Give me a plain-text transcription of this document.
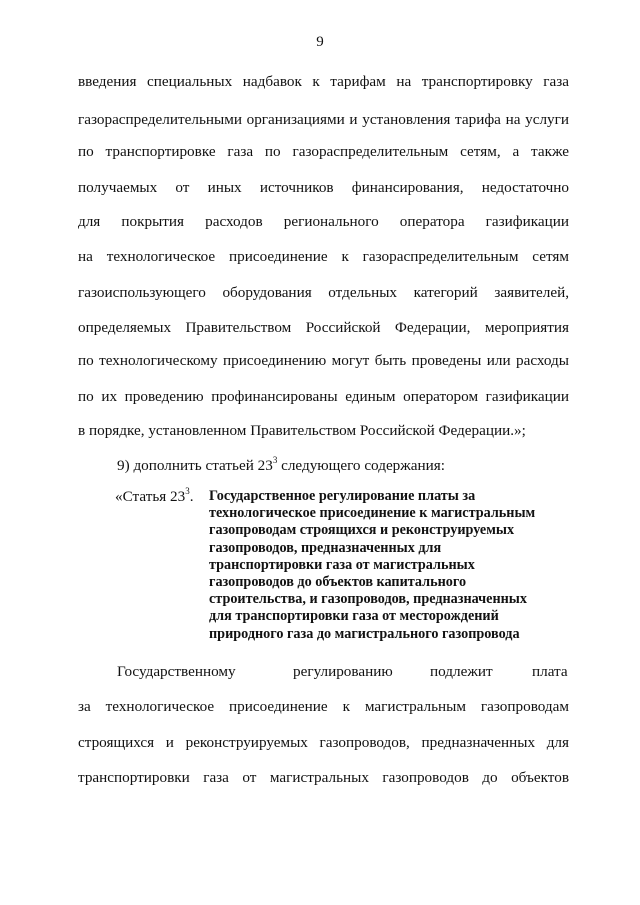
9
введения специальных надбавок к тарифам на транспортировку газа
газораспределительными организациями и установления тарифа на услуги
по транспортировке газа по газораспределительным сетям, а также
получаемых от иных источников финансирования, недостаточно
для покрытия расходов регионального оператора газификации
на технологическое присоединение к газораспределительным сетям
газоиспользующего оборудования отдельных категорий заявителей,
определяемых Правительством Российской Федерации, мероприятия
по технологическому присоединению могут быть проведены или расходы
по их проведению профинансированы единым оператором газификации
в порядке, установленном Правительством Российской Федерации.»;
9) дополнить статьей $23^3$ следующего содержания:
«Статья $23^3$. Государственное регулирование платы за
технологическое присоединение к магистральным
газопроводам строящихся и реконструируемых
газопроводов, предназначенных для
транспортировки газа от магистральных
газопроводов до объектов капитального
строительства, и газопроводов, предназначенных
для транспортировки газа от месторождений
природного газа до магистрального газопровода
Государственному	регулированию подлежит	плата
за технологическое присоединение к магистральным газопроводам
строящихся и реконструируемых газопроводов, предназначенных для
транспортировки газа от магистральных газопроводов до объектов
